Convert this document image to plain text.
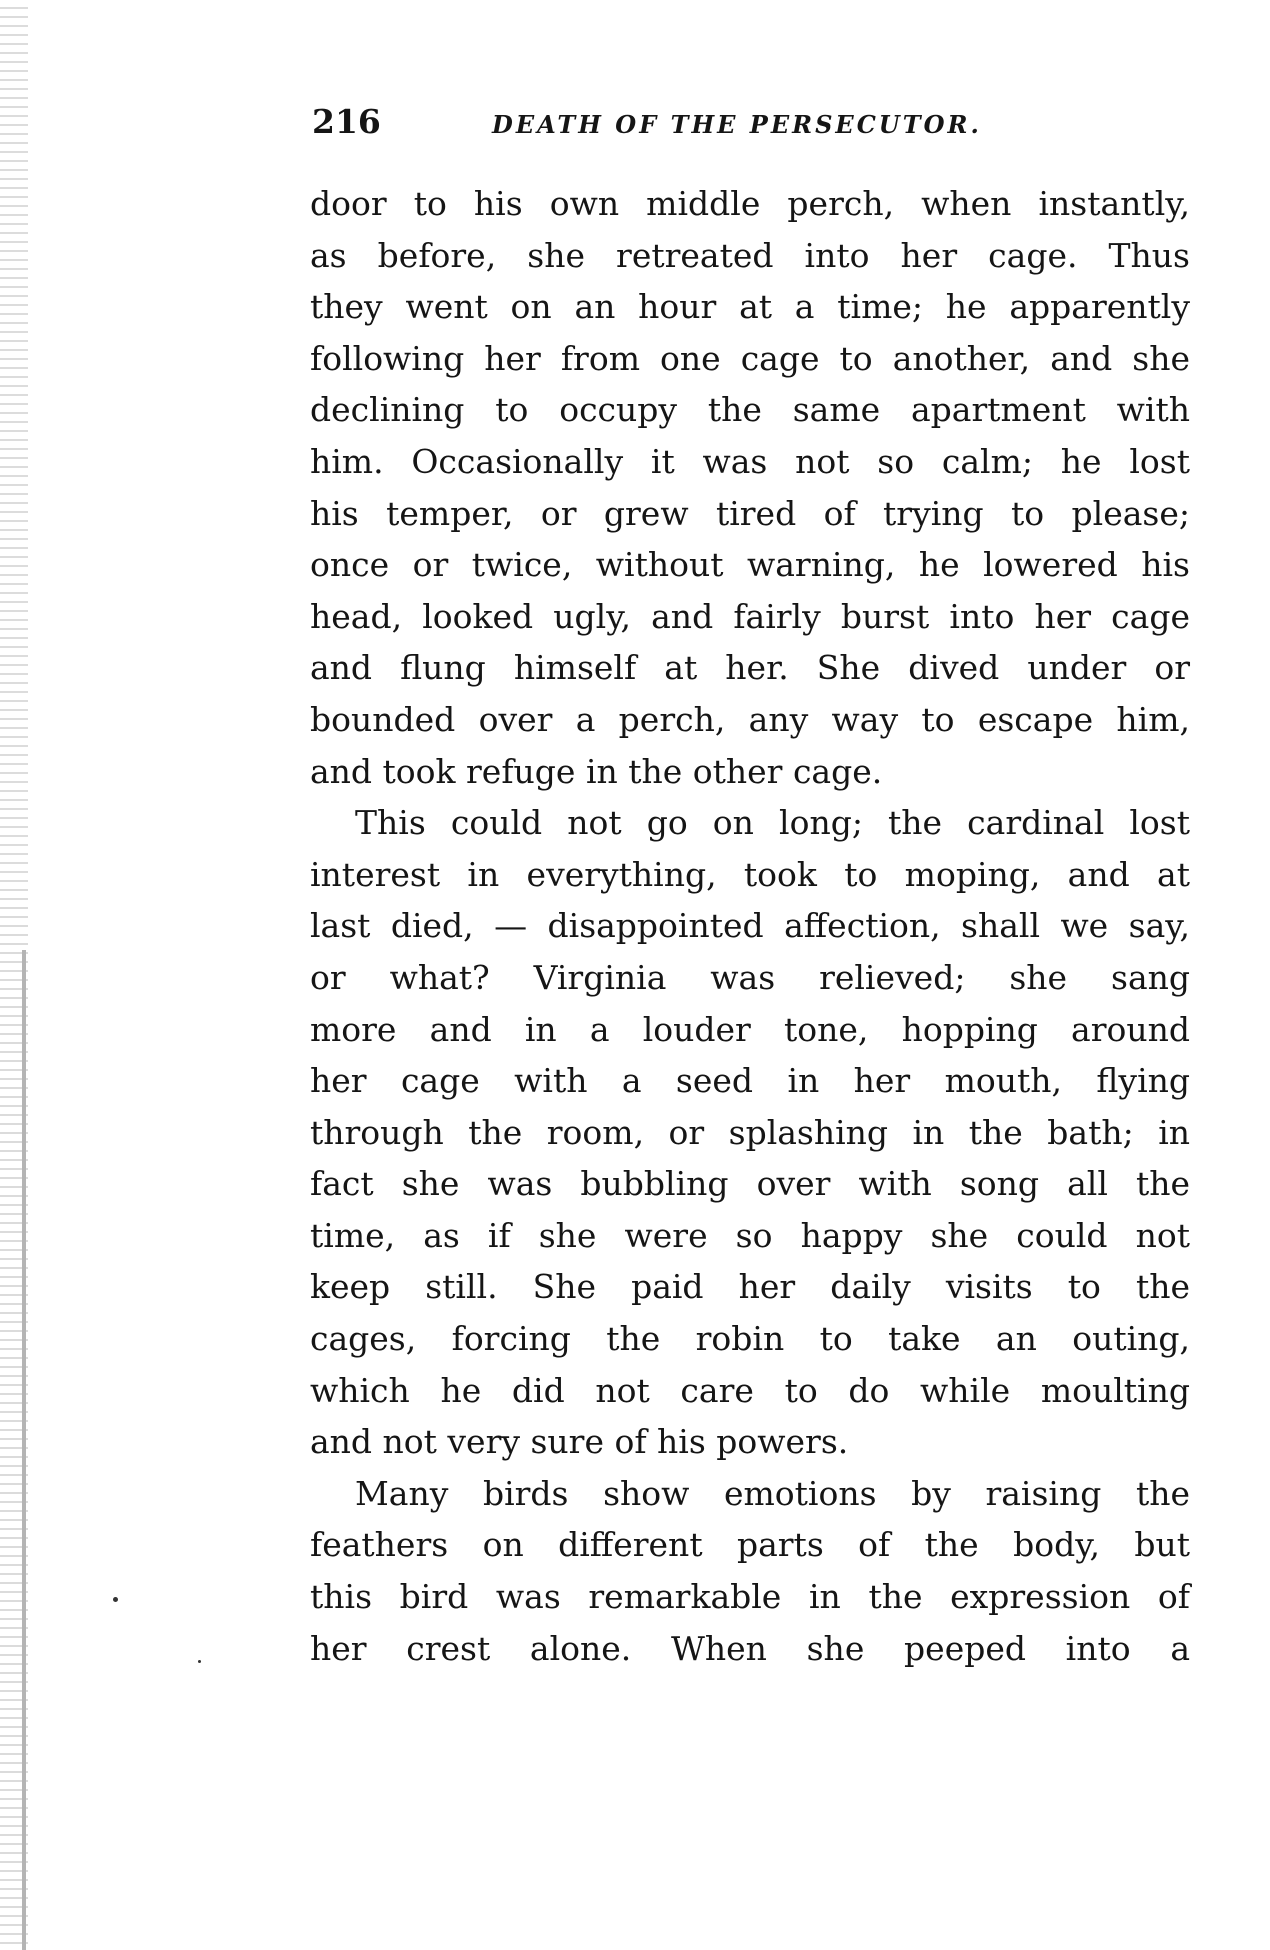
216	DEATH OF THE PERSECUTOR.
door to his own middle perch, when instantly,
as before, she retreated into her cage. Thus
they went on an hour at a time; he apparently
following her from one cage to another, and she
declining to occupy the same apartment with
him. Occasionally it was not so calm; he lost
his temper, or grew tired of trying to please;
once or twice, without warning, he lowered his
head, looked ugly, and fairly burst into her cage
and flung himself at her. She dived under or
bounded over a perch, any way to escape him,
and took refuge in the other cage.
This could not go on long; the cardinal lost
interest in everything, took to moping, and at
last died, — disappointed affection, shall we say,
or what? Virginia was relieved; she sang
more and in a louder tone, hopping around
her cage with a seed in her mouth, flying
through the room, or splashing in the bath; in
fact she was bubbling over with song all the
time, as if she were so happy she could not
keep still. She paid her daily visits to the
cages, forcing the robin to take an outing,
which he did not care to do while moulting
and not very sure of his powers.
Many birds show emotions by raising the
feathers on different parts of the body, but
this bird was remarkable in the expression of
her crest alone. When she peeped into a
